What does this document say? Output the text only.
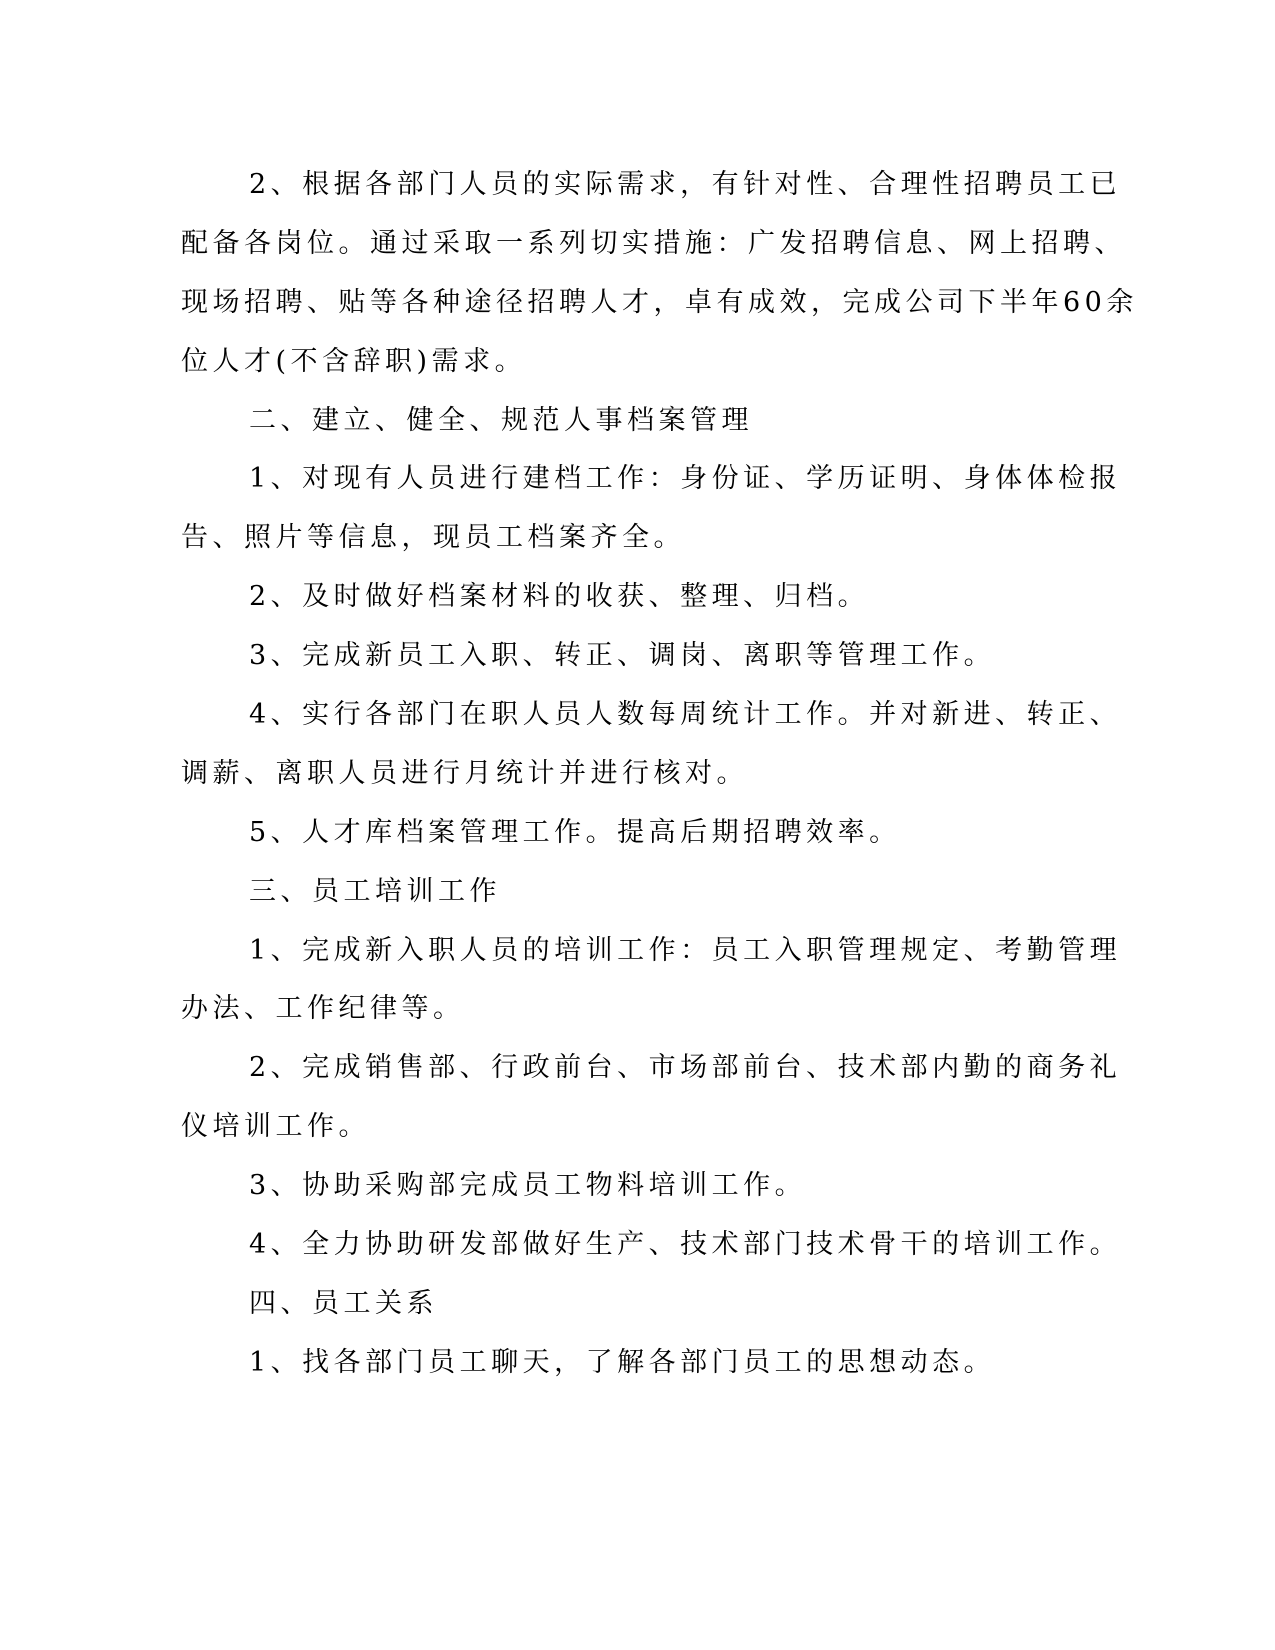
2、根据各部门人员的实际需求，有针对性、合理性招聘员工已
配备各岗位。通过采取一系列切实措施：广发招聘信息、网上招聘、
现场招聘、贴等各种途径招聘人才，卓有成效，完成公司下半年60余
位人才(不含辞职)需求。
二、建立、健全、规范人事档案管理
1、对现有人员进行建档工作：身份证、学历证明、身体体检报
告、照片等信息，现员工档案齐全。
2、及时做好档案材料的收获、整理、归档。
3、完成新员工入职、转正、调岗、离职等管理工作。
4、实行各部门在职人员人数每周统计工作。并对新进、转正、
调薪、离职人员进行月统计并进行核对。
5、人才库档案管理工作。提高后期招聘效率。
三、员工培训工作
1、完成新入职人员的培训工作：员工入职管理规定、考勤管理
办法、工作纪律等。
2、完成销售部、行政前台、市场部前台、技术部内勤的商务礼
仪培训工作。
3、协助采购部完成员工物料培训工作。
4、全力协助研发部做好生产、技术部门技术骨干的培训工作。
四、员工关系
1、找各部门员工聊天，了解各部门员工的思想动态。
